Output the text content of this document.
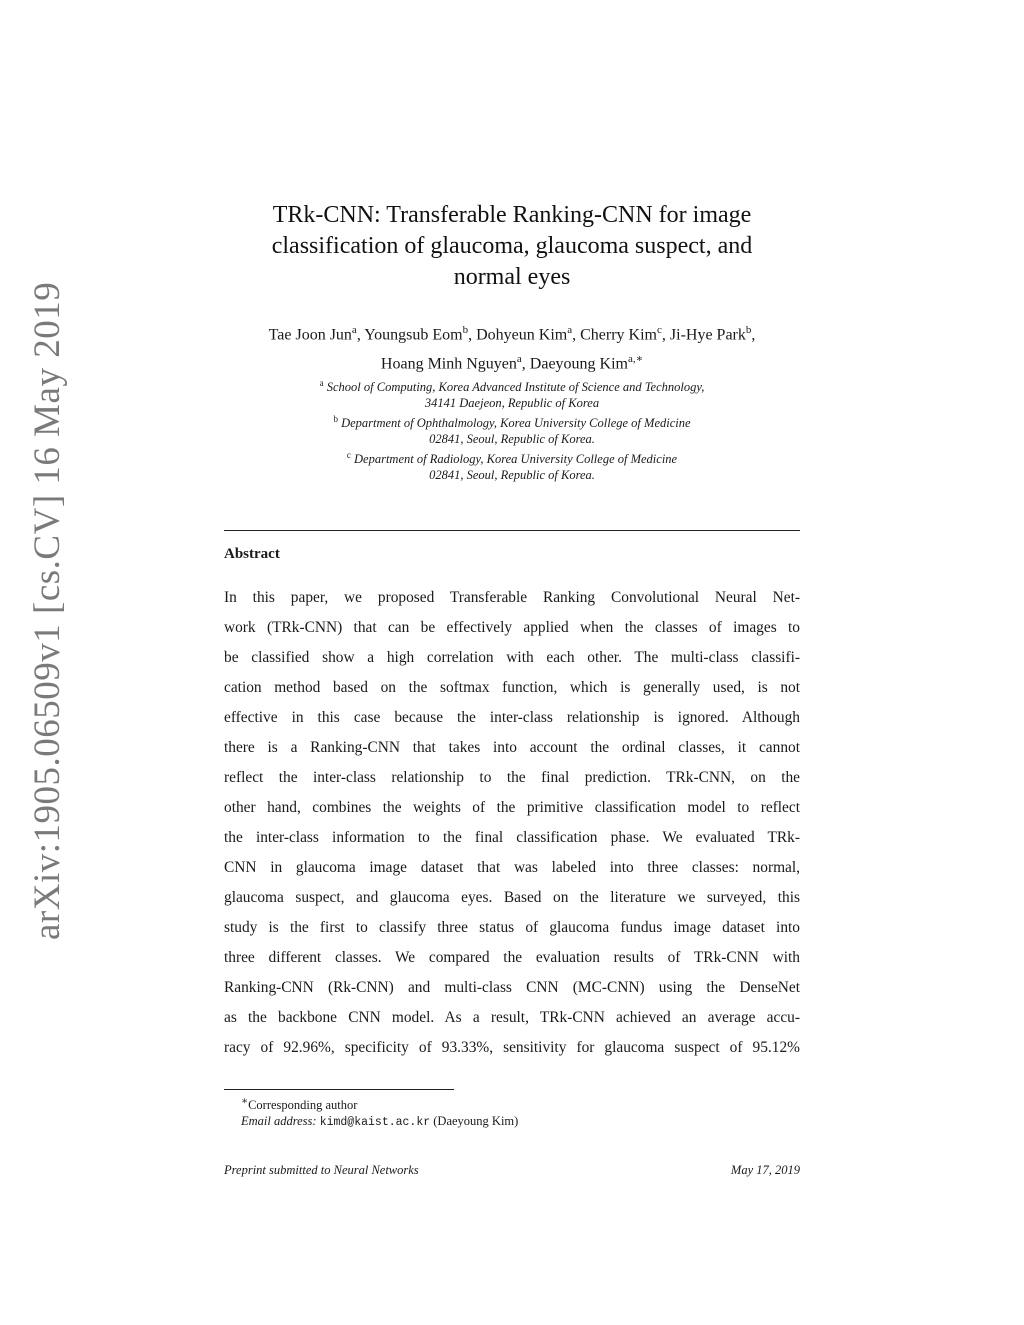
arXiv:1905.06509v1 [cs.CV] 16 May 2019
TRk-CNN: Transferable Ranking-CNN for image
classification of glaucoma, glaucoma suspect, and
normal eyes
Tae Joon Jun$^a$, Youngsub Eom$^b$, Dohyeun Kim$^a$, Cherry Kim$^c$, Ji-Hye Park$^b$,
Hoang Minh Nguyen$^a$, Daeyoung Kim$^{a,∗}$
$^a$ School of Computing, Korea Advanced Institute of Science and Technology,
34141 Daejeon, Republic of Korea
$^b$ Department of Ophthalmology, Korea University College of Medicine
02841, Seoul, Republic of Korea.
$^c$ Department of Radiology, Korea University College of Medicine
02841, Seoul, Republic of Korea.
Abstract
In this paper, we proposed Transferable Ranking Convolutional Neural Net-
work (TRk-CNN) that can be effectively applied when the classes of images to
be classified show a high correlation with each other. The multi-class classifi-
cation method based on the softmax function, which is generally used, is not
effective in this case because the inter-class relationship is ignored. Although
there is a Ranking-CNN that takes into account the ordinal classes, it cannot
reflect the inter-class relationship to the final prediction. TRk-CNN, on the
other hand, combines the weights of the primitive classification model to reflect
the inter-class information to the final classification phase. We evaluated TRk-
CNN in glaucoma image dataset that was labeled into three classes: normal,
glaucoma suspect, and glaucoma eyes. Based on the literature we surveyed, this
study is the first to classify three status of glaucoma fundus image dataset into
three different classes. We compared the evaluation results of TRk-CNN with
Ranking-CNN (Rk-CNN) and multi-class CNN (MC-CNN) using the DenseNet
as the backbone CNN model. As a result, TRk-CNN achieved an average accu-
racy of 92.96%, specificity of 93.33%, sensitivity for glaucoma suspect of 95.12%
∗Corresponding author
Email address: kimd@kaist.ac.kr (Daeyoung Kim)
Preprint submitted to Neural Networks	May 17, 2019
